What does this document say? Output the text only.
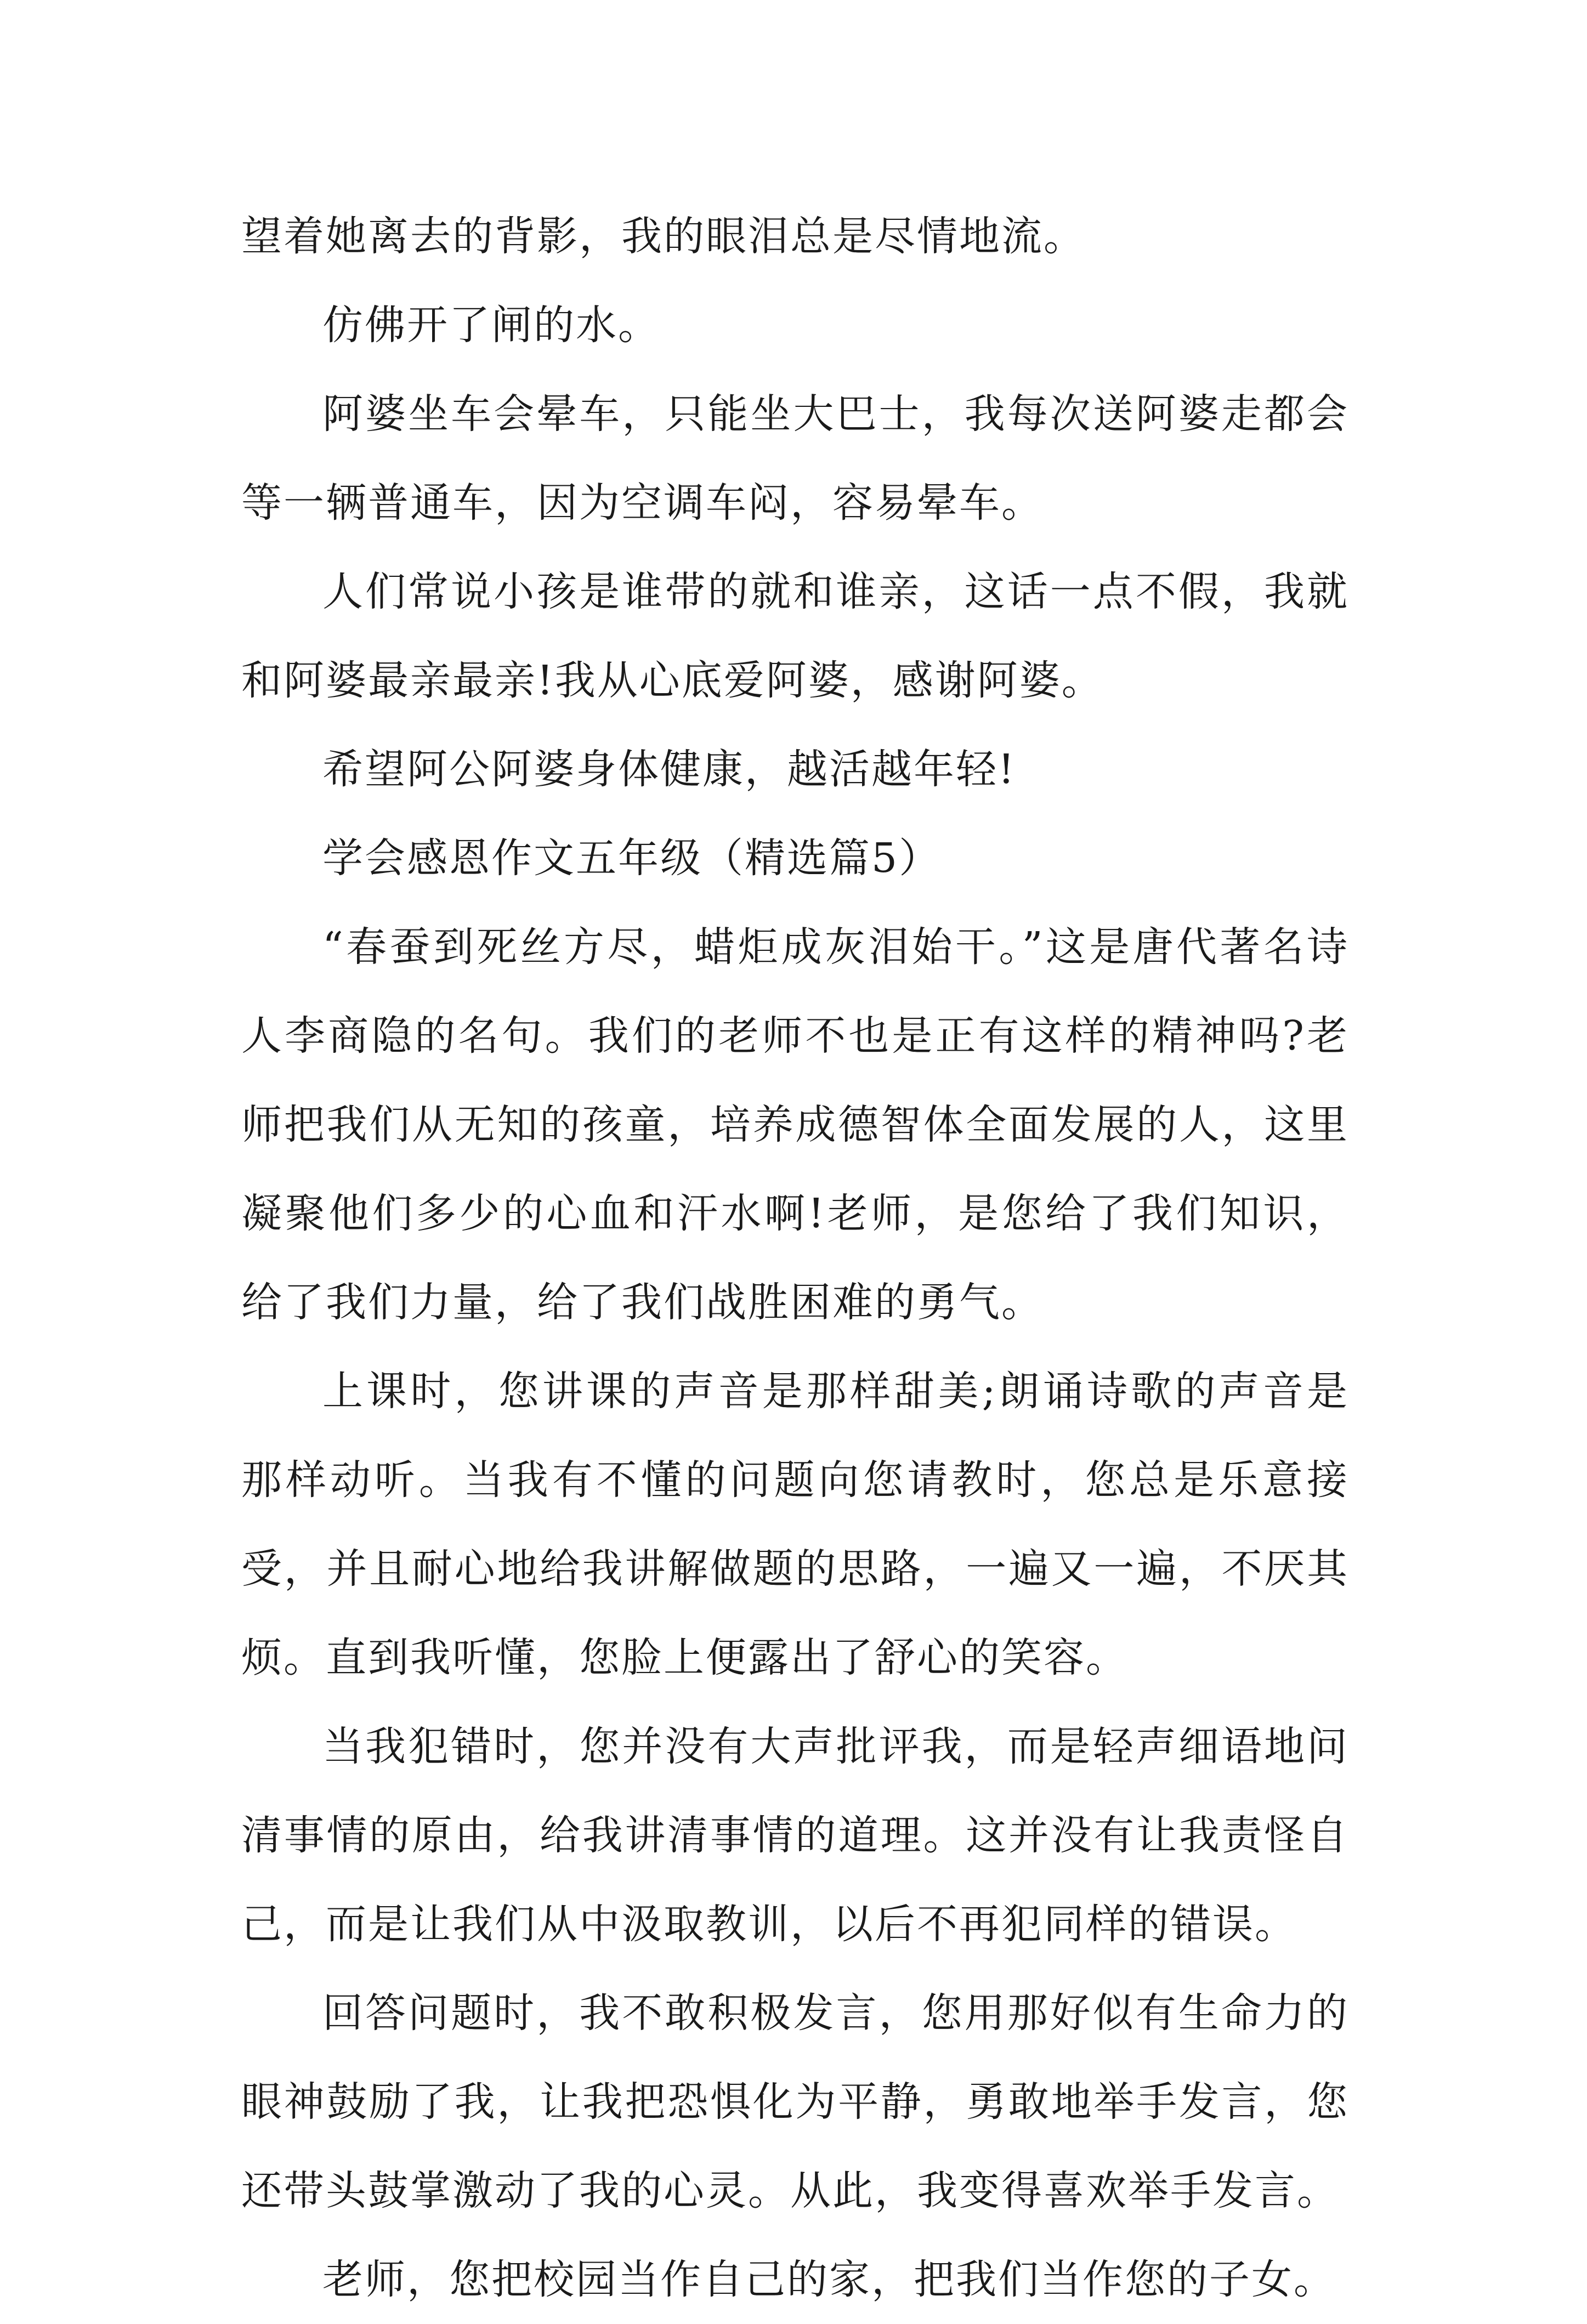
望着她离去的背影，我的眼泪总是尽情地流。

仿佛开了闸的水。

阿婆坐车会晕车，只能坐大巴士，我每次送阿婆走都会等一辆普通车，因为空调车闷，容易晕车。

人们常说小孩是谁带的就和谁亲，这话一点不假，我就和阿婆最亲最亲!我从心底爱阿婆，感谢阿婆。

希望阿公阿婆身体健康，越活越年轻!

学会感恩作文五年级（精选篇5）

“春蚕到死丝方尽，蜡炬成灰泪始干。”这是唐代著名诗人李商隐的名句。我们的老师不也是正有这样的精神吗?老师把我们从无知的孩童，培养成德智体全面发展的人，这里凝聚他们多少的心血和汗水啊!老师，是您给了我们知识，给了我们力量，给了我们战胜困难的勇气。

上课时，您讲课的声音是那样甜美;朗诵诗歌的声音是那样动听。当我有不懂的问题向您请教时，您总是乐意接受，并且耐心地给我讲解做题的思路，一遍又一遍，不厌其烦。直到我听懂，您脸上便露出了舒心的笑容。

当我犯错时，您并没有大声批评我，而是轻声细语地问清事情的原由，给我讲清事情的道理。这并没有让我责怪自己，而是让我们从中汲取教训，以后不再犯同样的错误。

回答问题时，我不敢积极发言，您用那好似有生命力的眼神鼓励了我，让我把恐惧化为平静，勇敢地举手发言，您还带头鼓掌激动了我的心灵。从此，我变得喜欢举手发言。

老师，您把校园当作自己的家，把我们当作您的子女。
